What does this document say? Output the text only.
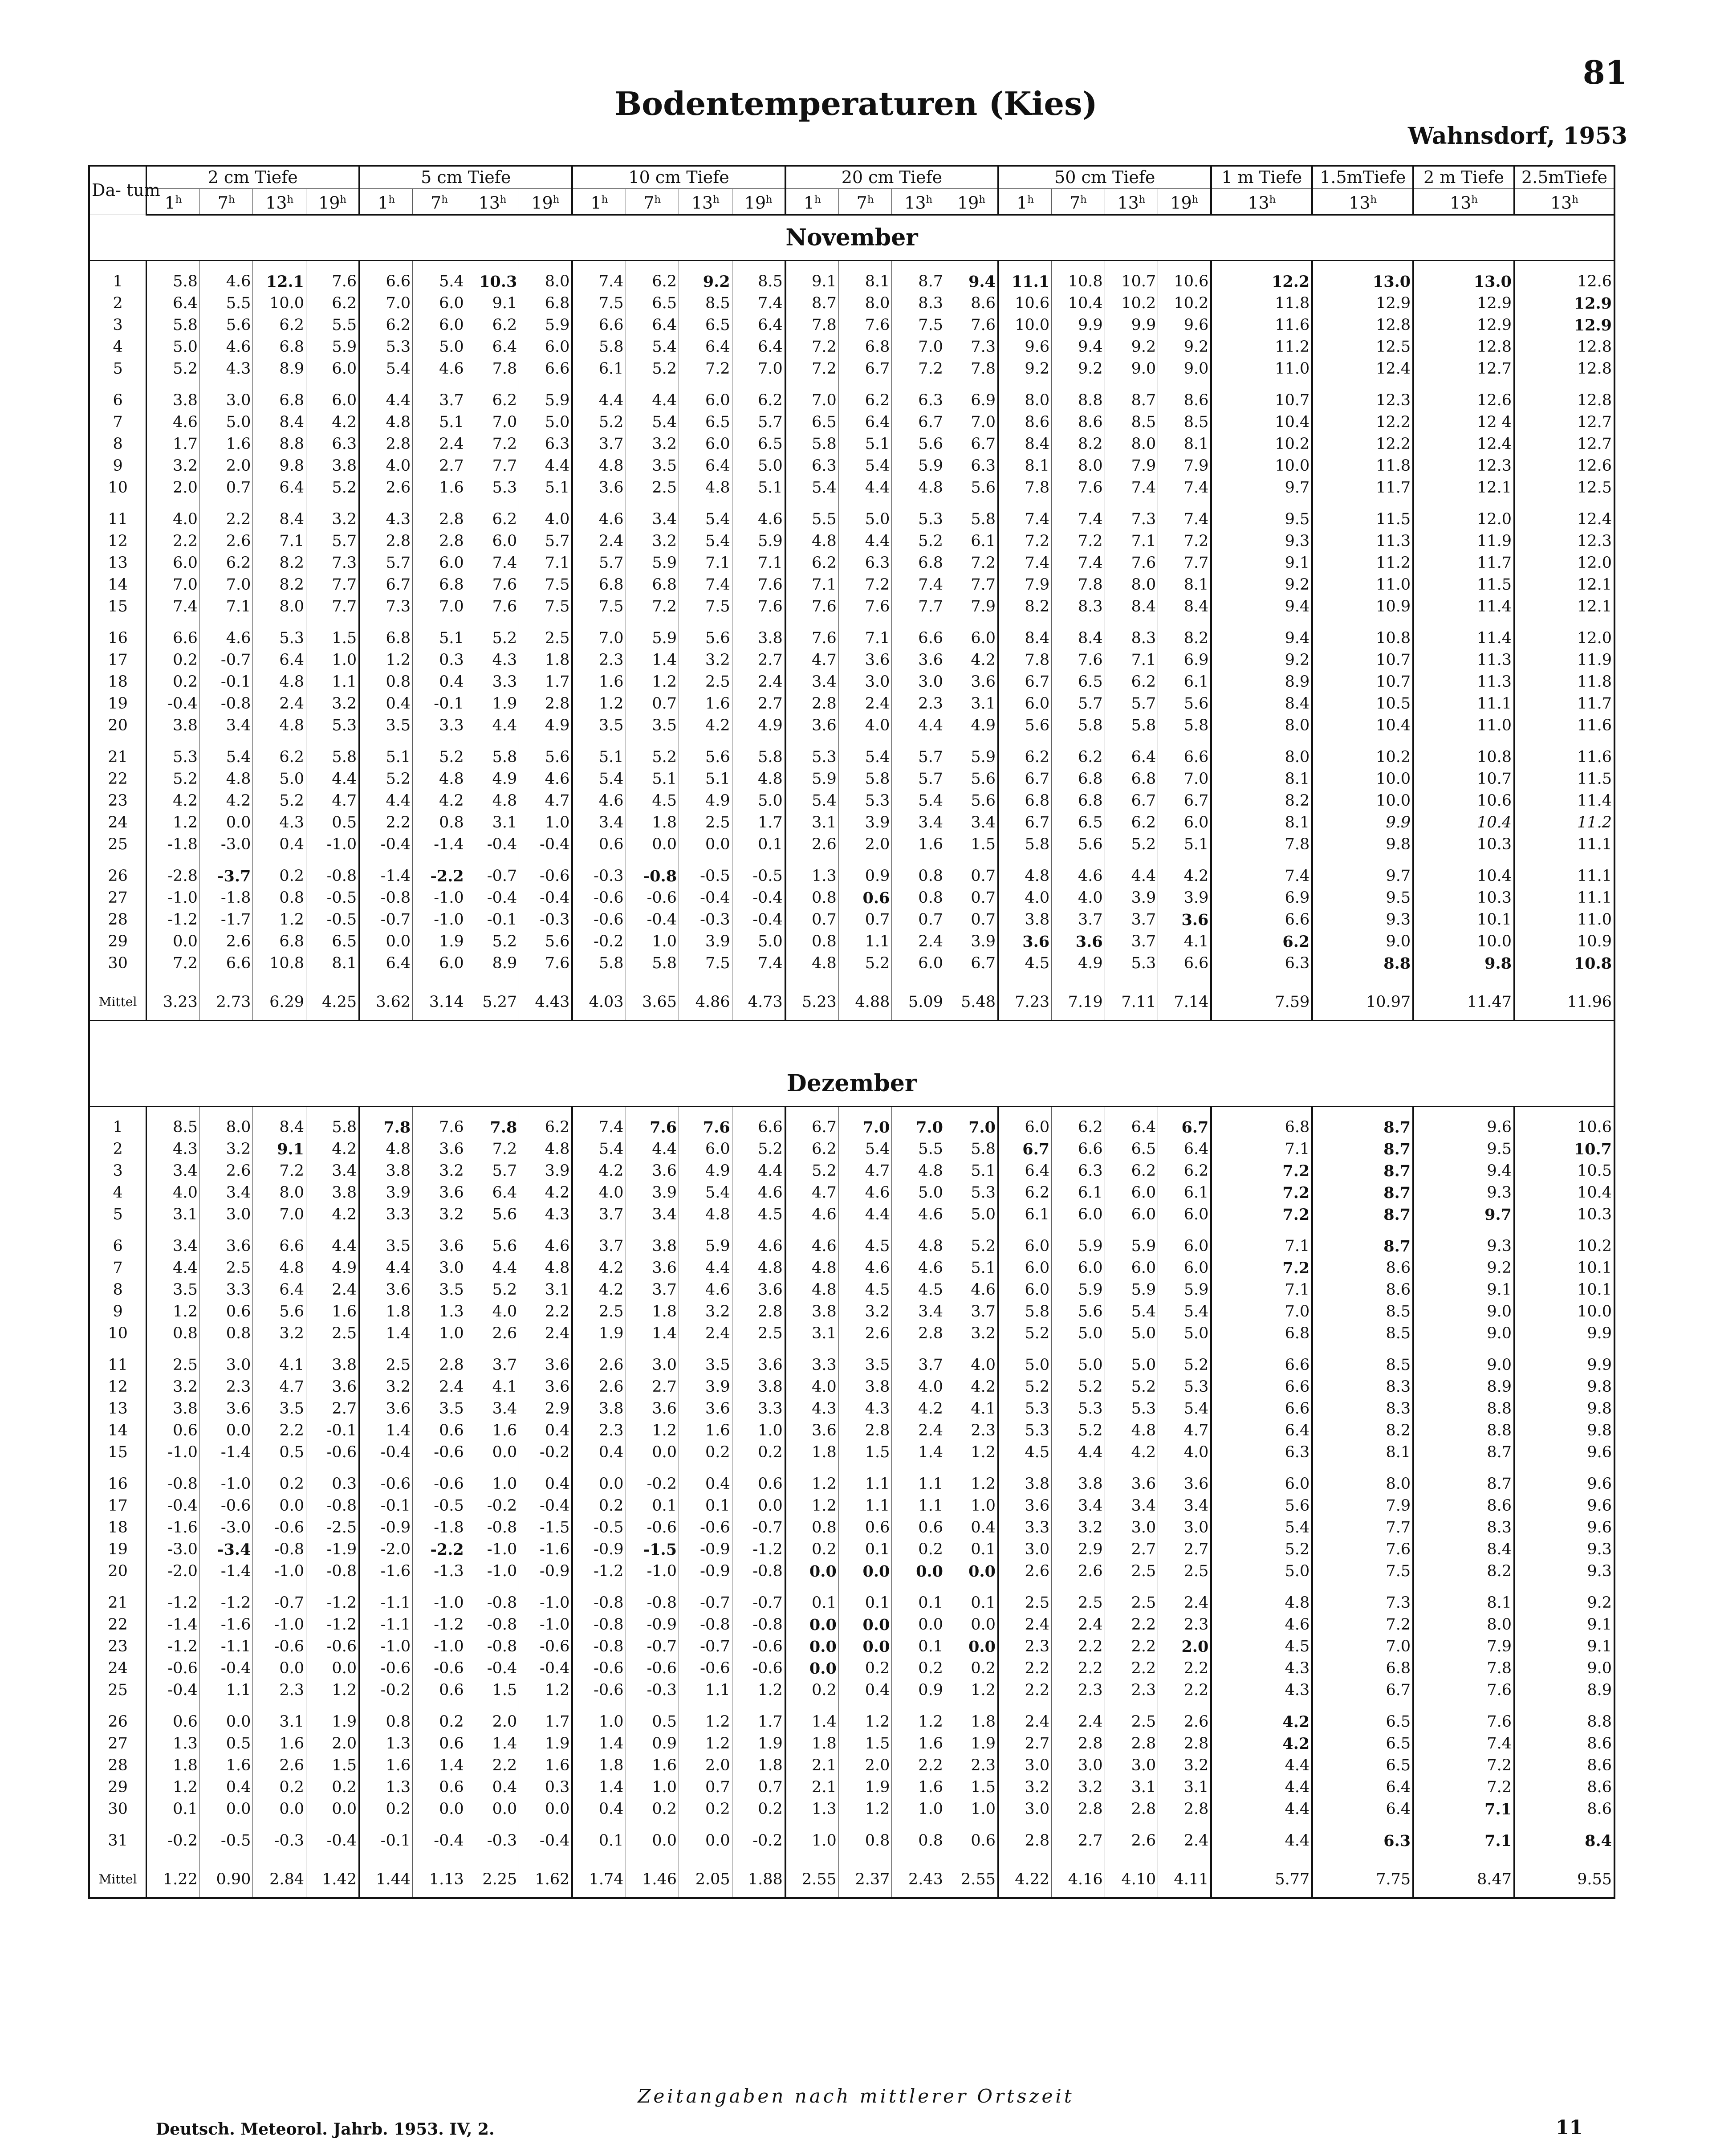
81
Bodentemperaturen (Kies)
Wahnsdorf, 1953
Da- tum	2 cm Tiefe				5 cm Tiefe				10 cm Tiefe				20 cm Tiefe				50 cm Tiefe				1 m Tiefe	1.5mTiefe	2 m Tiefe	2.5mTiefe
	1$^h$	7$^h$	13$^h$	19$^h$	1$^h$	7$^h$	13$^h$	19$^h$	1$^h$	7$^h$	13$^h$	19$^h$	1$^h$	7$^h$	13$^h$	19$^h$	1$^h$	7$^h$	13$^h$	19$^h$	13$^h$	13$^h$	13$^h$	13$^h$
November																								

1	5.8	4.6	12.1	7.6	6.6	5.4	10.3	8.0	7.4	6.2	9.2	8.5	9.1	8.1	8.7	9.4	11.1	10.8	10.7	10.6	12.2	13.0	13.0	12.6
2	6.4	5.5	10.0	6.2	7.0	6.0	9.1	6.8	7.5	6.5	8.5	7.4	8.7	8.0	8.3	8.6	10.6	10.4	10.2	10.2	11.8	12.9	12.9	12.9
3	5.8	5.6	6.2	5.5	6.2	6.0	6.2	5.9	6.6	6.4	6.5	6.4	7.8	7.6	7.5	7.6	10.0	9.9	9.9	9.6	11.6	12.8	12.9	12.9
4	5.0	4.6	6.8	5.9	5.3	5.0	6.4	6.0	5.8	5.4	6.4	6.4	7.2	6.8	7.0	7.3	9.6	9.4	9.2	9.2	11.2	12.5	12.8	12.8
5	5.2	4.3	8.9	6.0	5.4	4.6	7.8	6.6	6.1	5.2	7.2	7.0	7.2	6.7	7.2	7.8	9.2	9.2	9.0	9.0	11.0	12.4	12.7	12.8

6	3.8	3.0	6.8	6.0	4.4	3.7	6.2	5.9	4.4	4.4	6.0	6.2	7.0	6.2	6.3	6.9	8.0	8.8	8.7	8.6	10.7	12.3	12.6	12.8
7	4.6	5.0	8.4	4.2	4.8	5.1	7.0	5.0	5.2	5.4	6.5	5.7	6.5	6.4	6.7	7.0	8.6	8.6	8.5	8.5	10.4	12.2	12 4	12.7
8	1.7	1.6	8.8	6.3	2.8	2.4	7.2	6.3	3.7	3.2	6.0	6.5	5.8	5.1	5.6	6.7	8.4	8.2	8.0	8.1	10.2	12.2	12.4	12.7
9	3.2	2.0	9.8	3.8	4.0	2.7	7.7	4.4	4.8	3.5	6.4	5.0	6.3	5.4	5.9	6.3	8.1	8.0	7.9	7.9	10.0	11.8	12.3	12.6
10	2.0	0.7	6.4	5.2	2.6	1.6	5.3	5.1	3.6	2.5	4.8	5.1	5.4	4.4	4.8	5.6	7.8	7.6	7.4	7.4	9.7	11.7	12.1	12.5

11	4.0	2.2	8.4	3.2	4.3	2.8	6.2	4.0	4.6	3.4	5.4	4.6	5.5	5.0	5.3	5.8	7.4	7.4	7.3	7.4	9.5	11.5	12.0	12.4
12	2.2	2.6	7.1	5.7	2.8	2.8	6.0	5.7	2.4	3.2	5.4	5.9	4.8	4.4	5.2	6.1	7.2	7.2	7.1	7.2	9.3	11.3	11.9	12.3
13	6.0	6.2	8.2	7.3	5.7	6.0	7.4	7.1	5.7	5.9	7.1	7.1	6.2	6.3	6.8	7.2	7.4	7.4	7.6	7.7	9.1	11.2	11.7	12.0
14	7.0	7.0	8.2	7.7	6.7	6.8	7.6	7.5	6.8	6.8	7.4	7.6	7.1	7.2	7.4	7.7	7.9	7.8	8.0	8.1	9.2	11.0	11.5	12.1
15	7.4	7.1	8.0	7.7	7.3	7.0	7.6	7.5	7.5	7.2	7.5	7.6	7.6	7.6	7.7	7.9	8.2	8.3	8.4	8.4	9.4	10.9	11.4	12.1

16	6.6	4.6	5.3	1.5	6.8	5.1	5.2	2.5	7.0	5.9	5.6	3.8	7.6	7.1	6.6	6.0	8.4	8.4	8.3	8.2	9.4	10.8	11.4	12.0
17	0.2	-0.7	6.4	1.0	1.2	0.3	4.3	1.8	2.3	1.4	3.2	2.7	4.7	3.6	3.6	4.2	7.8	7.6	7.1	6.9	9.2	10.7	11.3	11.9
18	0.2	-0.1	4.8	1.1	0.8	0.4	3.3	1.7	1.6	1.2	2.5	2.4	3.4	3.0	3.0	3.6	6.7	6.5	6.2	6.1	8.9	10.7	11.3	11.8
19	-0.4	-0.8	2.4	3.2	0.4	-0.1	1.9	2.8	1.2	0.7	1.6	2.7	2.8	2.4	2.3	3.1	6.0	5.7	5.7	5.6	8.4	10.5	11.1	11.7
20	3.8	3.4	4.8	5.3	3.5	3.3	4.4	4.9	3.5	3.5	4.2	4.9	3.6	4.0	4.4	4.9	5.6	5.8	5.8	5.8	8.0	10.4	11.0	11.6

21	5.3	5.4	6.2	5.8	5.1	5.2	5.8	5.6	5.1	5.2	5.6	5.8	5.3	5.4	5.7	5.9	6.2	6.2	6.4	6.6	8.0	10.2	10.8	11.6
22	5.2	4.8	5.0	4.4	5.2	4.8	4.9	4.6	5.4	5.1	5.1	4.8	5.9	5.8	5.7	5.6	6.7	6.8	6.8	7.0	8.1	10.0	10.7	11.5
23	4.2	4.2	5.2	4.7	4.4	4.2	4.8	4.7	4.6	4.5	4.9	5.0	5.4	5.3	5.4	5.6	6.8	6.8	6.7	6.7	8.2	10.0	10.6	11.4
24	1.2	0.0	4.3	0.5	2.2	0.8	3.1	1.0	3.4	1.8	2.5	1.7	3.1	3.9	3.4	3.4	6.7	6.5	6.2	6.0	8.1	9.9	10.4	11.2
25	-1.8	-3.0	0.4	-1.0	-0.4	-1.4	-0.4	-0.4	0.6	0.0	0.0	0.1	2.6	2.0	1.6	1.5	5.8	5.6	5.2	5.1	7.8	9.8	10.3	11.1

26	-2.8	-3.7	0.2	-0.8	-1.4	-2.2	-0.7	-0.6	-0.3	-0.8	-0.5	-0.5	1.3	0.9	0.8	0.7	4.8	4.6	4.4	4.2	7.4	9.7	10.4	11.1
27	-1.0	-1.8	0.8	-0.5	-0.8	-1.0	-0.4	-0.4	-0.6	-0.6	-0.4	-0.4	0.8	0.6	0.8	0.7	4.0	4.0	3.9	3.9	6.9	9.5	10.3	11.1
28	-1.2	-1.7	1.2	-0.5	-0.7	-1.0	-0.1	-0.3	-0.6	-0.4	-0.3	-0.4	0.7	0.7	0.7	0.7	3.8	3.7	3.7	3.6	6.6	9.3	10.1	11.0
29	0.0	2.6	6.8	6.5	0.0	1.9	5.2	5.6	-0.2	1.0	3.9	5.0	0.8	1.1	2.4	3.9	3.6	3.6	3.7	4.1	6.2	9.0	10.0	10.9
30	7.2	6.6	10.8	8.1	6.4	6.0	8.9	7.6	5.8	5.8	7.5	7.4	4.8	5.2	6.0	6.7	4.5	4.9	5.3	6.6	6.3	8.8	9.8	10.8

Mittel	3.23	2.73	6.29	4.25	3.62	3.14	5.27	4.43	4.03	3.65	4.86	4.73	5.23	4.88	5.09	5.48	7.23	7.19	7.11	7.14	7.59	10.97	11.47	11.96

Dezember																								

1	8.5	8.0	8.4	5.8	7.8	7.6	7.8	6.2	7.4	7.6	7.6	6.6	6.7	7.0	7.0	7.0	6.0	6.2	6.4	6.7	6.8	8.7	9.6	10.6
2	4.3	3.2	9.1	4.2	4.8	3.6	7.2	4.8	5.4	4.4	6.0	5.2	6.2	5.4	5.5	5.8	6.7	6.6	6.5	6.4	7.1	8.7	9.5	10.7
3	3.4	2.6	7.2	3.4	3.8	3.2	5.7	3.9	4.2	3.6	4.9	4.4	5.2	4.7	4.8	5.1	6.4	6.3	6.2	6.2	7.2	8.7	9.4	10.5
4	4.0	3.4	8.0	3.8	3.9	3.6	6.4	4.2	4.0	3.9	5.4	4.6	4.7	4.6	5.0	5.3	6.2	6.1	6.0	6.1	7.2	8.7	9.3	10.4
5	3.1	3.0	7.0	4.2	3.3	3.2	5.6	4.3	3.7	3.4	4.8	4.5	4.6	4.4	4.6	5.0	6.1	6.0	6.0	6.0	7.2	8.7	9.7	10.3

6	3.4	3.6	6.6	4.4	3.5	3.6	5.6	4.6	3.7	3.8	5.9	4.6	4.6	4.5	4.8	5.2	6.0	5.9	5.9	6.0	7.1	8.7	9.3	10.2
7	4.4	2.5	4.8	4.9	4.4	3.0	4.4	4.8	4.2	3.6	4.4	4.8	4.8	4.6	4.6	5.1	6.0	6.0	6.0	6.0	7.2	8.6	9.2	10.1
8	3.5	3.3	6.4	2.4	3.6	3.5	5.2	3.1	4.2	3.7	4.6	3.6	4.8	4.5	4.5	4.6	6.0	5.9	5.9	5.9	7.1	8.6	9.1	10.1
9	1.2	0.6	5.6	1.6	1.8	1.3	4.0	2.2	2.5	1.8	3.2	2.8	3.8	3.2	3.4	3.7	5.8	5.6	5.4	5.4	7.0	8.5	9.0	10.0
10	0.8	0.8	3.2	2.5	1.4	1.0	2.6	2.4	1.9	1.4	2.4	2.5	3.1	2.6	2.8	3.2	5.2	5.0	5.0	5.0	6.8	8.5	9.0	9.9

11	2.5	3.0	4.1	3.8	2.5	2.8	3.7	3.6	2.6	3.0	3.5	3.6	3.3	3.5	3.7	4.0	5.0	5.0	5.0	5.2	6.6	8.5	9.0	9.9
12	3.2	2.3	4.7	3.6	3.2	2.4	4.1	3.6	2.6	2.7	3.9	3.8	4.0	3.8	4.0	4.2	5.2	5.2	5.2	5.3	6.6	8.3	8.9	9.8
13	3.8	3.6	3.5	2.7	3.6	3.5	3.4	2.9	3.8	3.6	3.6	3.3	4.3	4.3	4.2	4.1	5.3	5.3	5.3	5.4	6.6	8.3	8.8	9.8
14	0.6	0.0	2.2	-0.1	1.4	0.6	1.6	0.4	2.3	1.2	1.6	1.0	3.6	2.8	2.4	2.3	5.3	5.2	4.8	4.7	6.4	8.2	8.8	9.8
15	-1.0	-1.4	0.5	-0.6	-0.4	-0.6	0.0	-0.2	0.4	0.0	0.2	0.2	1.8	1.5	1.4	1.2	4.5	4.4	4.2	4.0	6.3	8.1	8.7	9.6

16	-0.8	-1.0	0.2	0.3	-0.6	-0.6	1.0	0.4	0.0	-0.2	0.4	0.6	1.2	1.1	1.1	1.2	3.8	3.8	3.6	3.6	6.0	8.0	8.7	9.6
17	-0.4	-0.6	0.0	-0.8	-0.1	-0.5	-0.2	-0.4	0.2	0.1	0.1	0.0	1.2	1.1	1.1	1.0	3.6	3.4	3.4	3.4	5.6	7.9	8.6	9.6
18	-1.6	-3.0	-0.6	-2.5	-0.9	-1.8	-0.8	-1.5	-0.5	-0.6	-0.6	-0.7	0.8	0.6	0.6	0.4	3.3	3.2	3.0	3.0	5.4	7.7	8.3	9.6
19	-3.0	-3.4	-0.8	-1.9	-2.0	-2.2	-1.0	-1.6	-0.9	-1.5	-0.9	-1.2	0.2	0.1	0.2	0.1	3.0	2.9	2.7	2.7	5.2	7.6	8.4	9.3
20	-2.0	-1.4	-1.0	-0.8	-1.6	-1.3	-1.0	-0.9	-1.2	-1.0	-0.9	-0.8	0.0	0.0	0.0	0.0	2.6	2.6	2.5	2.5	5.0	7.5	8.2	9.3

21	-1.2	-1.2	-0.7	-1.2	-1.1	-1.0	-0.8	-1.0	-0.8	-0.8	-0.7	-0.7	0.1	0.1	0.1	0.1	2.5	2.5	2.5	2.4	4.8	7.3	8.1	9.2
22	-1.4	-1.6	-1.0	-1.2	-1.1	-1.2	-0.8	-1.0	-0.8	-0.9	-0.8	-0.8	0.0	0.0	0.0	0.0	2.4	2.4	2.2	2.3	4.6	7.2	8.0	9.1
23	-1.2	-1.1	-0.6	-0.6	-1.0	-1.0	-0.8	-0.6	-0.8	-0.7	-0.7	-0.6	0.0	0.0	0.1	0.0	2.3	2.2	2.2	2.0	4.5	7.0	7.9	9.1
24	-0.6	-0.4	0.0	0.0	-0.6	-0.6	-0.4	-0.4	-0.6	-0.6	-0.6	-0.6	0.0	0.2	0.2	0.2	2.2	2.2	2.2	2.2	4.3	6.8	7.8	9.0
25	-0.4	1.1	2.3	1.2	-0.2	0.6	1.5	1.2	-0.6	-0.3	1.1	1.2	0.2	0.4	0.9	1.2	2.2	2.3	2.3	2.2	4.3	6.7	7.6	8.9

26	0.6	0.0	3.1	1.9	0.8	0.2	2.0	1.7	1.0	0.5	1.2	1.7	1.4	1.2	1.2	1.8	2.4	2.4	2.5	2.6	4.2	6.5	7.6	8.8
27	1.3	0.5	1.6	2.0	1.3	0.6	1.4	1.9	1.4	0.9	1.2	1.9	1.8	1.5	1.6	1.9	2.7	2.8	2.8	2.8	4.2	6.5	7.4	8.6
28	1.8	1.6	2.6	1.5	1.6	1.4	2.2	1.6	1.8	1.6	2.0	1.8	2.1	2.0	2.2	2.3	3.0	3.0	3.0	3.2	4.4	6.5	7.2	8.6
29	1.2	0.4	0.2	0.2	1.3	0.6	0.4	0.3	1.4	1.0	0.7	0.7	2.1	1.9	1.6	1.5	3.2	3.2	3.1	3.1	4.4	6.4	7.2	8.6
30	0.1	0.0	0.0	0.0	0.2	0.0	0.0	0.0	0.4	0.2	0.2	0.2	1.3	1.2	1.0	1.0	3.0	2.8	2.8	2.8	4.4	6.4	7.1	8.6

31	-0.2	-0.5	-0.3	-0.4	-0.1	-0.4	-0.3	-0.4	0.1	0.0	0.0	-0.2	1.0	0.8	0.8	0.6	2.8	2.7	2.6	2.4	4.4	6.3	7.1	8.4

Mittel	1.22	0.90	2.84	1.42	1.44	1.13	2.25	1.62	1.74	1.46	2.05	1.88	2.55	2.37	2.43	2.55	4.22	4.16	4.10	4.11	5.77	7.75	8.47	9.55
Zeitangaben nach mittlerer Ortszeit
Deutsch. Meteorol. Jahrb. 1953. IV, 2.	11
